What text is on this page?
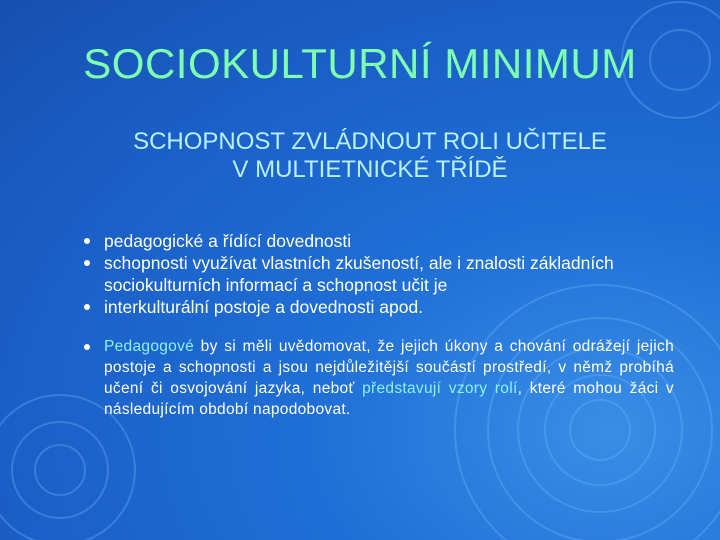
SOCIOKULTURNÍ MINIMUM
SCHOPNOST ZVLÁDNOUT ROLI UČITELE
V MULTIETNICKÉ TŘÍDĚ
pedagogické a řídící dovednosti
schopnosti využívat vlastních zkušeností, ale i znalosti základních sociokulturních informací a schopnost učit je
interkulturální postoje a dovednosti apod.
Pedagogové by si měli uvědomovat, že jejich úkony a chování odrážejí jejich postoje a schopnosti a jsou nejdůležitější součástí prostředí, v němž probíhá učení či osvojování jazyka, neboť představují vzory rolí, které mohou žáci v následujícím období napodobovat.
